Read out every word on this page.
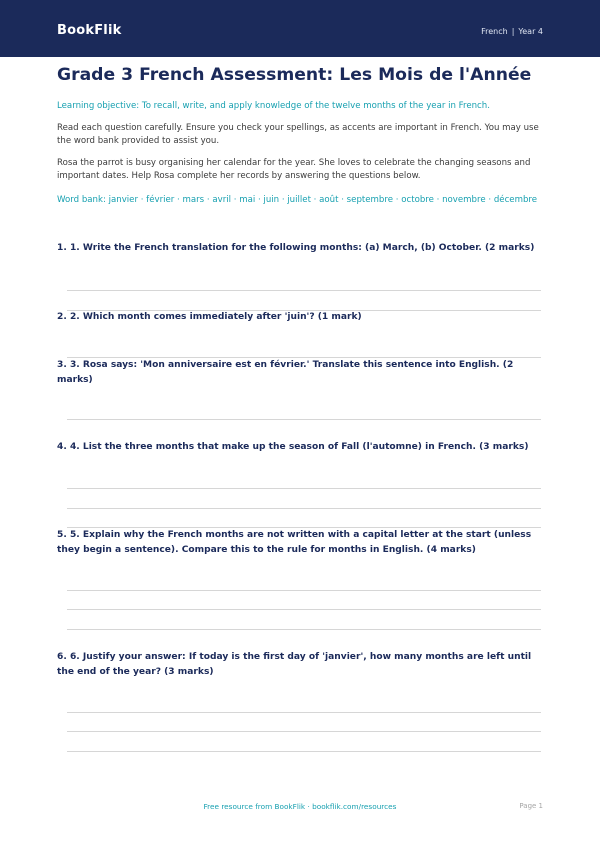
BookFlik	French | Year 4
Grade 3 French Assessment: Les Mois de l'Année
Learning objective: To recall, write, and apply knowledge of the twelve months of the year in French.
Read each question carefully. Ensure you check your spellings, as accents are important in French. You may use the word bank provided to assist you.
Rosa the parrot is busy organising her calendar for the year. She loves to celebrate the changing seasons and important dates. Help Rosa complete her records by answering the questions below.
Word bank: janvier · février · mars · avril · mai · juin · juillet · août · septembre · octobre · novembre · décembre
1. 1. Write the French translation for the following months: (a) March, (b) October. (2 marks)
2. 2. Which month comes immediately after 'juin'? (1 mark)
3. 3. Rosa says: 'Mon anniversaire est en février.' Translate this sentence into English. (2 marks)
4. 4. List the three months that make up the season of Fall (l'automne) in French. (3 marks)
5. 5. Explain why the French months are not written with a capital letter at the start (unless they begin a sentence). Compare this to the rule for months in English. (4 marks)
6. 6. Justify your answer: If today is the first day of 'janvier', how many months are left until the end of the year? (3 marks)
Free resource from BookFlik · bookflik.com/resources	Page 1
